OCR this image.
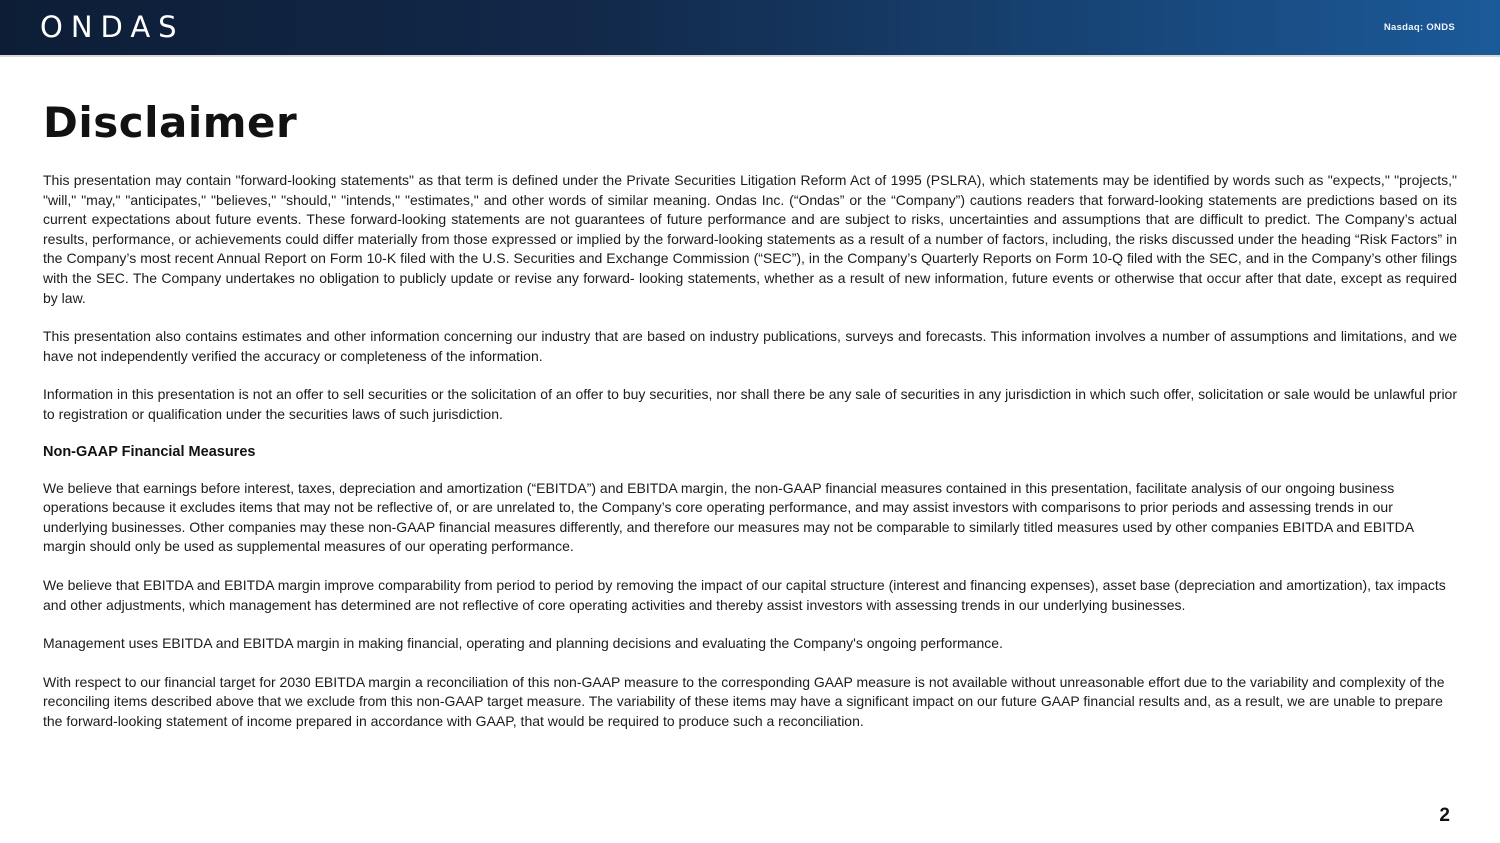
ONDAS	Nasdaq: ONDS
Disclaimer

This presentation may contain "forward-looking statements" as that term is defined under the Private Securities Litigation Reform Act of 1995 (PSLRA), which statements may be identified by words such as "expects," "projects," "will," "may," "anticipates," "believes," "should," "intends," "estimates," and other words of similar meaning. Ondas Inc. (“Ondas” or the “Company”) cautions readers that forward-looking statements are predictions based on its current expectations about future events. These forward-looking statements are not guarantees of future performance and are subject to risks, uncertainties and assumptions that are difficult to predict. The Company’s actual results, performance, or achievements could differ materially from those expressed or implied by the forward-looking statements as a result of a number of factors, including, the risks discussed under the heading “Risk Factors” in the Company’s most recent Annual Report on Form 10-K filed with the U.S. Securities and Exchange Commission (“SEC”), in the Company’s Quarterly Reports on Form 10-Q filed with the SEC, and in the Company’s other filings with the SEC. The Company undertakes no obligation to publicly update or revise any forward- looking statements, whether as a result of new information, future events or otherwise that occur after that date, except as required by law.

This presentation also contains estimates and other information concerning our industry that are based on industry publications, surveys and forecasts. This information involves a number of assumptions and limitations, and we have not independently verified the accuracy or completeness of the information.

Information in this presentation is not an offer to sell securities or the solicitation of an offer to buy securities, nor shall there be any sale of securities in any jurisdiction in which such offer, solicitation or sale would be unlawful prior to registration or qualification under the securities laws of such jurisdiction.

Non-GAAP Financial Measures

We believe that earnings before interest, taxes, depreciation and amortization (“EBITDA”) and EBITDA margin, the non-GAAP financial measures contained in this presentation, facilitate analysis of our ongoing business operations because it excludes items that may not be reflective of, or are unrelated to, the Company’s core operating performance, and may assist investors with comparisons to prior periods and assessing trends in our underlying businesses. Other companies may these non-GAAP financial measures differently, and therefore our measures may not be comparable to similarly titled measures used by other companies EBITDA and EBITDA margin should only be used as supplemental measures of our operating performance.

We believe that EBITDA and EBITDA margin improve comparability from period to period by removing the impact of our capital structure (interest and financing expenses), asset base (depreciation and amortization), tax impacts and other adjustments, which management has determined are not reflective of core operating activities and thereby assist investors with assessing trends in our underlying businesses.

Management uses EBITDA and EBITDA margin in making financial, operating and planning decisions and evaluating the Company's ongoing performance.

With respect to our financial target for 2030 EBITDA margin a reconciliation of this non-GAAP measure to the corresponding GAAP measure is not available without unreasonable effort due to the variability and complexity of the reconciling items described above that we exclude from this non-GAAP target measure. The variability of these items may have a significant impact on our future GAAP financial results and, as a result, we are unable to prepare the forward-looking statement of income prepared in accordance with GAAP, that would be required to produce such a reconciliation.

2
